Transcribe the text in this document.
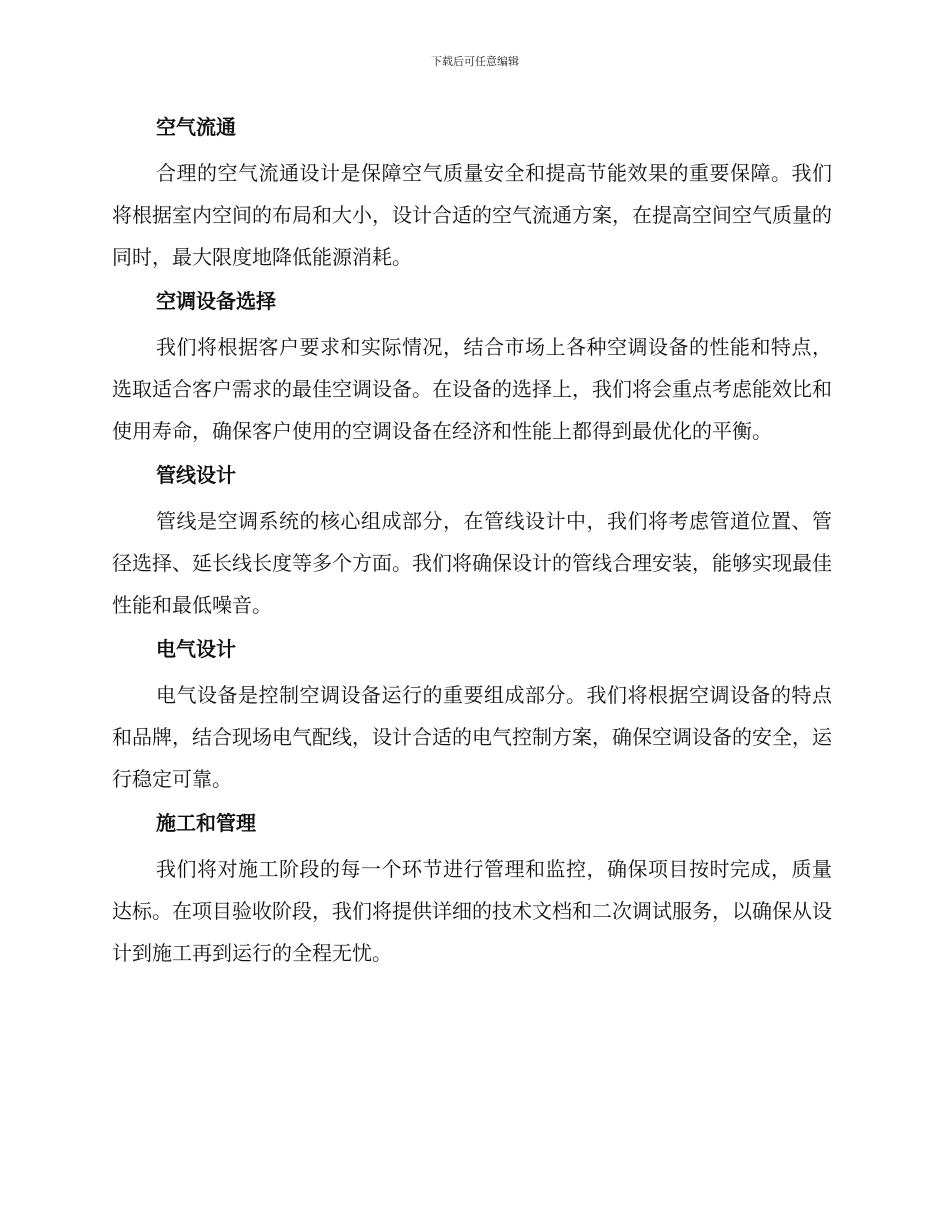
下载后可任意编辑
空气流通

合理的空气流通设计是保障空气质量安全和提高节能效果的重要保障。我们将根据室内空间的布局和大小，设计合适的空气流通方案，在提高空间空气质量的同时，最大限度地降低能源消耗。

空调设备选择

我们将根据客户要求和实际情况，结合市场上各种空调设备的性能和特点，选取适合客户需求的最佳空调设备。在设备的选择上，我们将会重点考虑能效比和使用寿命，确保客户使用的空调设备在经济和性能上都得到最优化的平衡。

管线设计

管线是空调系统的核心组成部分，在管线设计中，我们将考虑管道位置、管径选择、延长线长度等多个方面。我们将确保设计的管线合理安装，能够实现最佳性能和最低噪音。

电气设计

电气设备是控制空调设备运行的重要组成部分。我们将根据空调设备的特点和品牌，结合现场电气配线，设计合适的电气控制方案，确保空调设备的安全，运行稳定可靠。

施工和管理

我们将对施工阶段的每一个环节进行管理和监控，确保项目按时完成，质量达标。在项目验收阶段，我们将提供详细的技术文档和二次调试服务，以确保从设计到施工再到运行的全程无忧。
